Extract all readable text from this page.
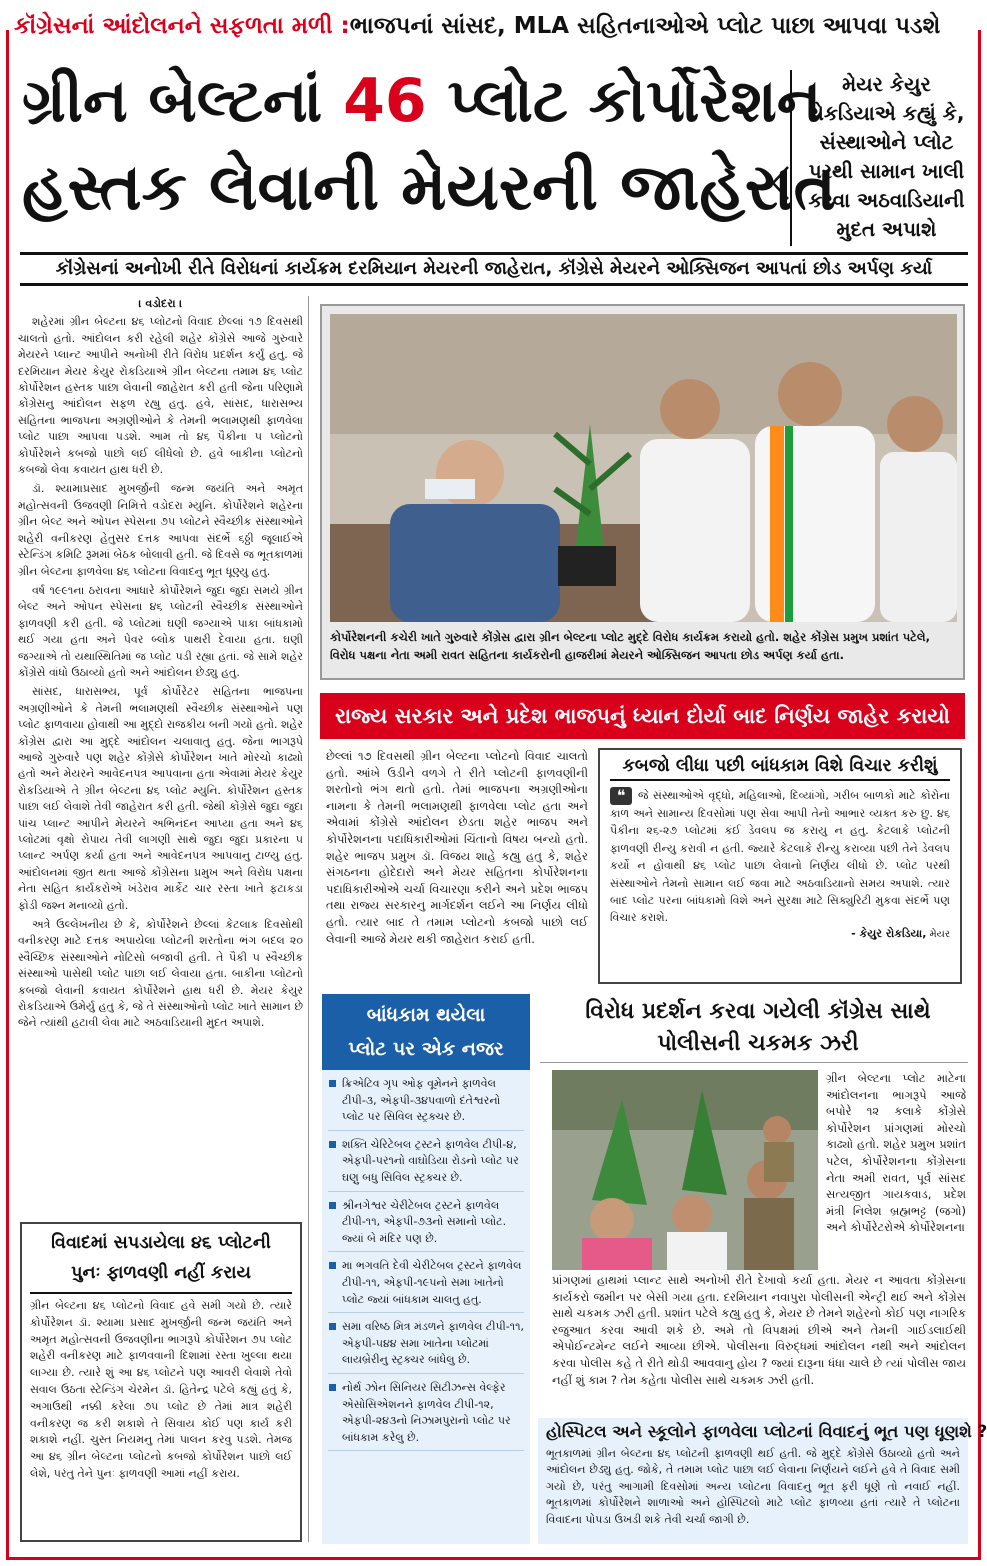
કૉંગ્રેસનાં આંદોલનને સફળતા મળી : ભાજપનાં સાંસદ, MLA સહિતનાઓએ પ્લોટ પાછા આપવા પડશે
ગ્રીન બેલ્ટનાં 46 પ્લોટ કોર્પોરેશન
હસ્તક લેવાની મેયરની જાહેરાત
મેયર કેયુર રોકડિયાએ કહ્યું કે, સંસ્થાઓને પ્લોટ પરથી સામાન ખાલી કરવા અઠવાડિયાની મુદત અપાશે
કૉંગ્રેસનાં અનોખી રીતે વિરોધનાં કાર્યક્રમ દરમિયાન મેયરની જાહેરાત, કૉંગ્રેસે મેયરને ઓક્સિજન આપતાં છોડ અર્પણ કર્યા
। વડોદરા ।

શહેરમાં ગ્રીન બેલ્ટના ૪૬ પ્લોટનો વિવાદ છેલ્લાં ૧૭ દિવસથી ચાલતો હતો. આંદોલન કરી રહેલી શહેર કોંગ્રેસે આજે ગુરુવારે મેયરને પ્લાન્ટ આપીને અનોખી રીતે વિરોધ પ્રદર્શન કર્યું હતુ. જે દરમિયાન મેયર કેયુર રોકડિયાએ ગ્રીન બેલ્ટના તમામ ૪૬ પ્લોટ કોર્પોરેશન હસ્તક પાછા લેવાની જાહેરાત કરી હતી જેના પરિણામે કોંગ્રેસનુ આંદોલન સફળ રહ્યુ હતુ. હવે, સાંસદ, ધારાસભ્ય સહિતના ભાજપના અગ્રણીઓને કે તેમની ભલામણથી ફાળવેલા પ્લોટ પાછા આપવા પડશે. આમ તો ૪૬ પૈકીના ૫ પ્લોટનો કોર્પોરેશને કબજો પાછો લઈ લીધેલો છે. હવે બાકીના પ્લોટનો કબજો લેવા કવાયત હાથ ધરી છે.

ડૉ. શ્યામાપ્રસાદ મુખર્જીની જન્મ જયંતિ અને અમૃત મહોત્સવની ઉજવણી નિમિત્તે વડોદરા મ્યુનિ. કોર્પોરેશને શહેરના ગ્રીન બેલ્ટ અને ઓપન સ્પેસના ૭૫ પ્લોટને સ્વૈચ્છીક સંસ્થાઓને શહેરી વનીકરણ હેતુસર દત્તક આપવા સંદર્ભે ૬ઠ્ઠી જૂલાઈએ સ્ટેન્ડિંગ કમિટિ રૂમમાં બેઠક બોલાવી હતી. જે દિવસે જ ભૂતકાળમાં ગ્રીન બેલ્ટના ફાળવેલા ૪૬ પ્લોટના વિવાદનુ ભૂત ધૂણ્યુ હતુ.

વર્ષ ૧૯૯૧ના ઠરાવના આધારે કોર્પોરેશને જુદા જુદા સમયે ગ્રીન બેલ્ટ અને ઓપન સ્પેસના ૪૬ પ્લોટની સ્વૈચ્છીક સંસ્થાઓને ફાળવણી કરી હતી. જે પ્લોટમાં ઘણી જગ્યાએ પાકા બાંધકામો થઈ ગયા હતા અને પેવર બ્લોક પાથરી દેવાયા હતા. ઘણી જગ્યાએ તો યથાસ્થિતિમાં જ પ્લોટ પડી રહ્યા હતાં. જે સામે શહેર કોંગ્રેસે વાંધો ઉઠાવ્યો હતો અને આંદોલન છેડ્યુ હતુ.

સાંસદ, ધારાસભ્ય, પૂર્વ કોર્પોરેટર સહિતના ભાજપના અગ્રણીઓને કે તેમની ભલામણથી સ્વૈચ્છીક સંસ્થાઓને પણ પ્લોટ ફાળવાયા હોવાથી આ મુદ્દો રાજકીય બની ગયો હતો. શહેર કોંગ્રેસ દ્વારા આ મુદ્દે આંદોલન ચલાવાતુ હતુ. જેના ભાગરૂપે આજે ગુરુવારે પણ શહેર કોંગ્રેસે કોર્પોરેશન ખાતે મોરચો કાઢ્યો હતો અને મેયરને આવેદનપત્ર આપવાના હતા એવામાં મેયર કેયુર રોકડિયાએ તે ગ્રીન બેલ્ટના ૪૬ પ્લોટ મ્યુનિ. કોર્પોરેશન હસ્તક પાછા લઈ લેવાશે તેવી જાહેરાત કરી હતી. જેથી કોંગ્રેસે જુદા જુદા પાંચ પ્લાન્ટ આપીને મેયરને અભિનંદન આપ્યા હતા અને ૪૬ પ્લોટમાં વૃક્ષો રોપાય તેવી લાગણી સાથે જુદા જુદા પ્રકારના ૫ પ્લાન્ટ અર્પણ કર્યા હતા અને આવેદનપત્ર આપવાનુ ટાળ્યુ હતુ. આંદોલનમાં જીત થતા આજે કોંગ્રેસના પ્રમુખ અને વિરોધ પક્ષના નેતા સહિત કાર્યકરોએ ખંડેરાવ માર્કેટ ચાર રસ્તા ખાતે ફટાકડા ફોડી જશ્ન મનાવ્યો હતો.

અત્રે ઉલ્લેખનીય છે કે, કોર્પોરેશને છેલ્લાં કેટલાક દિવસોથી વનીકરણ માટે દત્તક અપાયેલા પ્લોટની શરતોના ભંગ બદલ ૨૦ સ્વૈચ્છિક સંસ્થાઓને નોટિસો બજાવી હતી. તે પૈકી ૫ સ્વૈચ્છીક સંસ્થાઓ પાસેથી પ્લોટ પાછા લઈ લેવાયા હતા. બાકીના પ્લોટનો કબજો લેવાની કવાયત કોર્પોરેશને હાથ ધરી છે. મેયર કેયુર રોકડિયાએ ઉમેર્યુ હતુ કે, જે તે સંસ્થાઓનો પ્લોટ ખાતે સામાન છે જેને ત્યાંથી હટાવી લેવા માટે અઠવાડિયાની મુદત અપાશે.

કોર્પોરેશનની કચેરી ખાતે ગુરુવારે કોંગ્રેસ દ્વારા ગ્રીન બેલ્ટના પ્લોટ મુદ્દે વિરોધ કાર્યક્રમ કરાયો હતો. શહેર કોંગ્રેસ પ્રમુખ પ્રશાંત પટેલે, વિરોધ પક્ષના નેતા અમી રાવત સહિતના કાર્યકરોની હાજરીમાં મેયરને ઓક્સિજન આપતા છોડ અર્પણ કર્યા હતા.
રાજ્ય સરકાર અને પ્રદેશ ભાજપનું ધ્યાન દોર્યા બાદ નિર્ણય જાહેર કરાયો
છેલ્લાં ૧૭ દિવસથી ગ્રીન બેલ્ટના પ્લોટનો વિવાદ ચાલતો હતો. આંખે ઉડીને વળગે તે રીતે પ્લોટની ફાળવણીની શરતોનો ભંગ થતો હતો. તેમાં ભાજપના અગ્રણીઓના નામના કે તેમની ભલામણથી ફાળવેલા પ્લોટ હતા અને એવામાં કોંગ્રેસે આંદોલન છેડતા શહેર ભાજપ અને કોર્પોરેશનના પદાધિકારીઓમાં ચિંતાનો વિષય બન્યો હતો. શહેર ભાજપ પ્રમુખ ડૉ. વિજય શાહે કહ્યુ હતુ કે, શહેર સંગઠનના હોદેદારો અને મેયર સહિતના કોર્પોરેશનના પદાધિકારીઓએ ચર્ચા વિચારણા કરીને અને પ્રદેશ ભાજપ તથા રાજ્ય સરકારનુ માર્ગદર્શન લઈને આ નિર્ણય લીધો હતો. ત્યાર બાદ તે તમામ પ્લોટનો કબજો પાછો લઈ લેવાની આજે મેયર થકી જાહેરાત કરાઈ હતી.
કબજો લીધા પછી બાંધકામ વિશે વિચાર કરીશું
❝ જે સંસ્થાઓએ વૃદ્ધો, મહિલાઓ, દિવ્યાંગો, ગરીબ બાળકો માટે કોરોના કાળ અને સામાન્ય દિવસોમાં પણ સેવા આપી તેનો આભાર વ્યક્ત કરુ છુ. ૪૬ પૈકીના ૨૬-૨૭ પ્લોટમાં કંઈ ડેવલપ જ કરાયુ ન હતુ. કેટલાકે પ્લોટની ફાળવણી રીન્યુ કરાવી ન હતી. જ્યારે કેટલાકે રીન્યુ કરાવ્યા પછી તેને ડેવલપ કર્યો ન હોવાથી ૪૬ પ્લોટ પાછા લેવાનો નિર્ણય લીધો છે. પ્લોટ પરથી સંસ્થાઓને તેમનો સામાન લઈ જવા માટે અઠવાડિયાનો સમય અપાશે. ત્યાર બાદ પ્લોટ પરના બાંધકામો વિશે અને સુરક્ષા માટે સિક્યુરિટી મુકવા સંદર્ભે પણ વિચાર કરાશે.
- કેયુર રોકડિયા, મેયર
બાંધકામ થયેલા
પ્લોટ પર એક નજર
ક્રિએટિવ ગૃપ ઓફ વૂમેનને ફાળવેલ ટીપી-૩, એફપી-૩૪પવાળો દંતેશ્વરનો પ્લોટ પર સિવિલ સ્ટ્રક્ચર છે.
શક્તિ ચેરિટેબલ ટ્રસ્ટને ફાળવેલ ટીપી-૪, એફપી-પર૧નો વાઘોડિયા રોડનો પ્લોટ પર ઘણુ બધુ સિવિલ સ્ટ્રક્ચર છે.
શ્રીનગેશ્વર ચેરીટેબલ ટ્રસ્ટને ફાળવેલ ટીપી-૧૧, એફપી-૭૩નો સમાનો પ્લોટ. જ્યાં બે મંદિર પણ છે.
મા ભગવતિ દેવી ચેરીટેબલ ટ્રસ્ટને ફાળવેલ ટીપી-૧૧, એફપી-૧૯૫નો સમા ખાતેનો પ્લોટ જ્યાં બાંધકામ ચાલતુ હતુ.
સમા વરિષ્ઠ મિત્ર મંડળને ફાળવેલ ટીપી-૧૧, એફપી-૫૪૪ સમા ખાતેના પ્લોટમાં લાયબ્રેરીનુ સ્ટ્રક્ચર બાંધેલુ છે.
નોર્થ ઝોન સિનિયર સિટીઝન્સ વેલ્ફેર એસોસિએશનને ફાળવેલ ટીપી-૧૨, એફપી-૨૪૩નો નિઝામપુરાનો પ્લોટ પર બાંધકામ કરેલુ છે.
વિરોધ પ્રદર્શન કરવા ગયેલી કૉંગ્રેસ સાથે
પોલીસની ચકમક ઝરી
ગ્રીન બેલ્ટના પ્લોટ માટેના આંદોલનના ભાગરૂપે આજે બપોરે ૧૨ કલાકે કોંગ્રેસે કોર્પોરેશન પ્રાંગણમાં મોરચો કાઢ્યો હતો. શહેર પ્રમુખ પ્રશાંત પટેલ, કોર્પોરેશનના કોંગ્રેસના નેતા અમી રાવત, પૂર્વ સાંસદ સત્યજીત ગાયકવાડ, પ્રદેશ મંત્રી નિલેશ બ્રહ્મભટ્ટ (જગો) અને કોર્પોરેટરોએ કોર્પોરેશનના
પ્રાંગણમાં હાથમાં પ્લાન્ટ સાથે અનોખી રીતે દેખાવો કર્યા હતા. મેયર ન આવતા કોંગ્રેસના કાર્યકરો જમીન પર બેસી ગયા હતા. દરમિયાન નવાપુરા પોલીસની એન્ટ્રી થઈ અને કોંગ્રેસ સાથે ચકમક ઝરી હતી. પ્રશાંત પટેલે કહ્યુ હતુ કે, મેયર છે તેમને શહેરનો કોઈ પણ નાગરિક રજુઆત કરવા આવી શકે છે. અમે તો વિપક્ષમાં છીએ અને તેમની ગાઈડલાઈથી એપોઈન્ટમેન્ટ લઈને આવ્યા છીએ. પોલીસના વિરુદ્ધમાં આંદોલન નથી અને આંદોલન કરવા પોલીસ કહે તે રીતે થોડી આવવાનુ હોય ? જ્યાં દારૂના ધંધા ચાલે છે ત્યાં પોલીસ જાય નહીં શું કામ ? તેમ કહેતા પોલીસ સાથે ચકમક ઝરી હતી.
હોસ્પિટલ અને સ્કૂલોને ફાળવેલા પ્લોટનાં વિવાદનું ભૂત પણ ધૂણશે ?
ભૂતકાળમાં ગ્રીન બેલ્ટના ૪૬ પ્લોટની ફાળવણી થઈ હતી. જે મુદ્દે કોંગ્રેસે ઉઠાવ્યો હતો અને આંદોલન છેડ્યુ હતુ. જોકે, તે તમામ પ્લોટ પાછા લઈ લેવાના નિર્ણયને લઈને હવે તે વિવાદ સમી ગયો છે, પરંતુ આગામી દિવસોમાં અન્ય પ્લોટના વિવાદનુ ભૂત ફરી ધૂણે તો નવાઈ નહીં. ભૂતકાળમાં કોર્પોરેશને શાળાઓ અને હોસ્પિટલો માટે પ્લોટ ફાળવ્યા હતાં ત્યારે તે પ્લોટના વિવાદના પોપડા ઉખડી શકે તેવી ચર્ચા જાગી છે.
વિવાદમાં સપડાયેલા ૪૬ પ્લોટની
પુનઃ ફાળવણી નહીં કરાય
ગ્રીન બેલ્ટના ૪૬ પ્લોટનો વિવાદ હવે સમી ગયો છે. ત્યારે કોર્પોરેશન ડૉ. શ્યામા પ્રસાદ મુખર્જીની જન્મ જયંતિ અને અમૃત મહોત્સવની ઉજવણીના ભાગરૂપે કોર્પોરેશન ૭૫ પ્લોટ શહેરી વનીકરણ માટે ફાળવવાની દિશામાં રસ્તા ખુલ્લા થયા લાગ્યા છે. ત્યારે શું આ ૪૬ પ્લોટને પણ આવરી લેવાશે તેવો સવાલ ઉઠતા સ્ટેન્ડિંગ ચેરમેન ડૉ. હિતેન્દ્ર પટેલે કહ્યું હતું કે, અગાઉથી નક્કી કરેલા ૭૫ પ્લોટ છે તેમાં માત્ર શહેરી વનીકરણ જ કરી શકાશે તે સિવાય કોઈ પણ કાર્ય કરી શકાશે નહીં. ચુસ્ત નિયમનુ તેમાં પાલન કરવુ પડશે. તેમજ આ ૪૬ ગ્રીન બેલ્ટના પ્લોટનો કબજો કોર્પોરેશન પાછો લઈ લેશે, પરંતુ તેને પુનઃ ફાળવણી આમાં નહીં કરાય.
